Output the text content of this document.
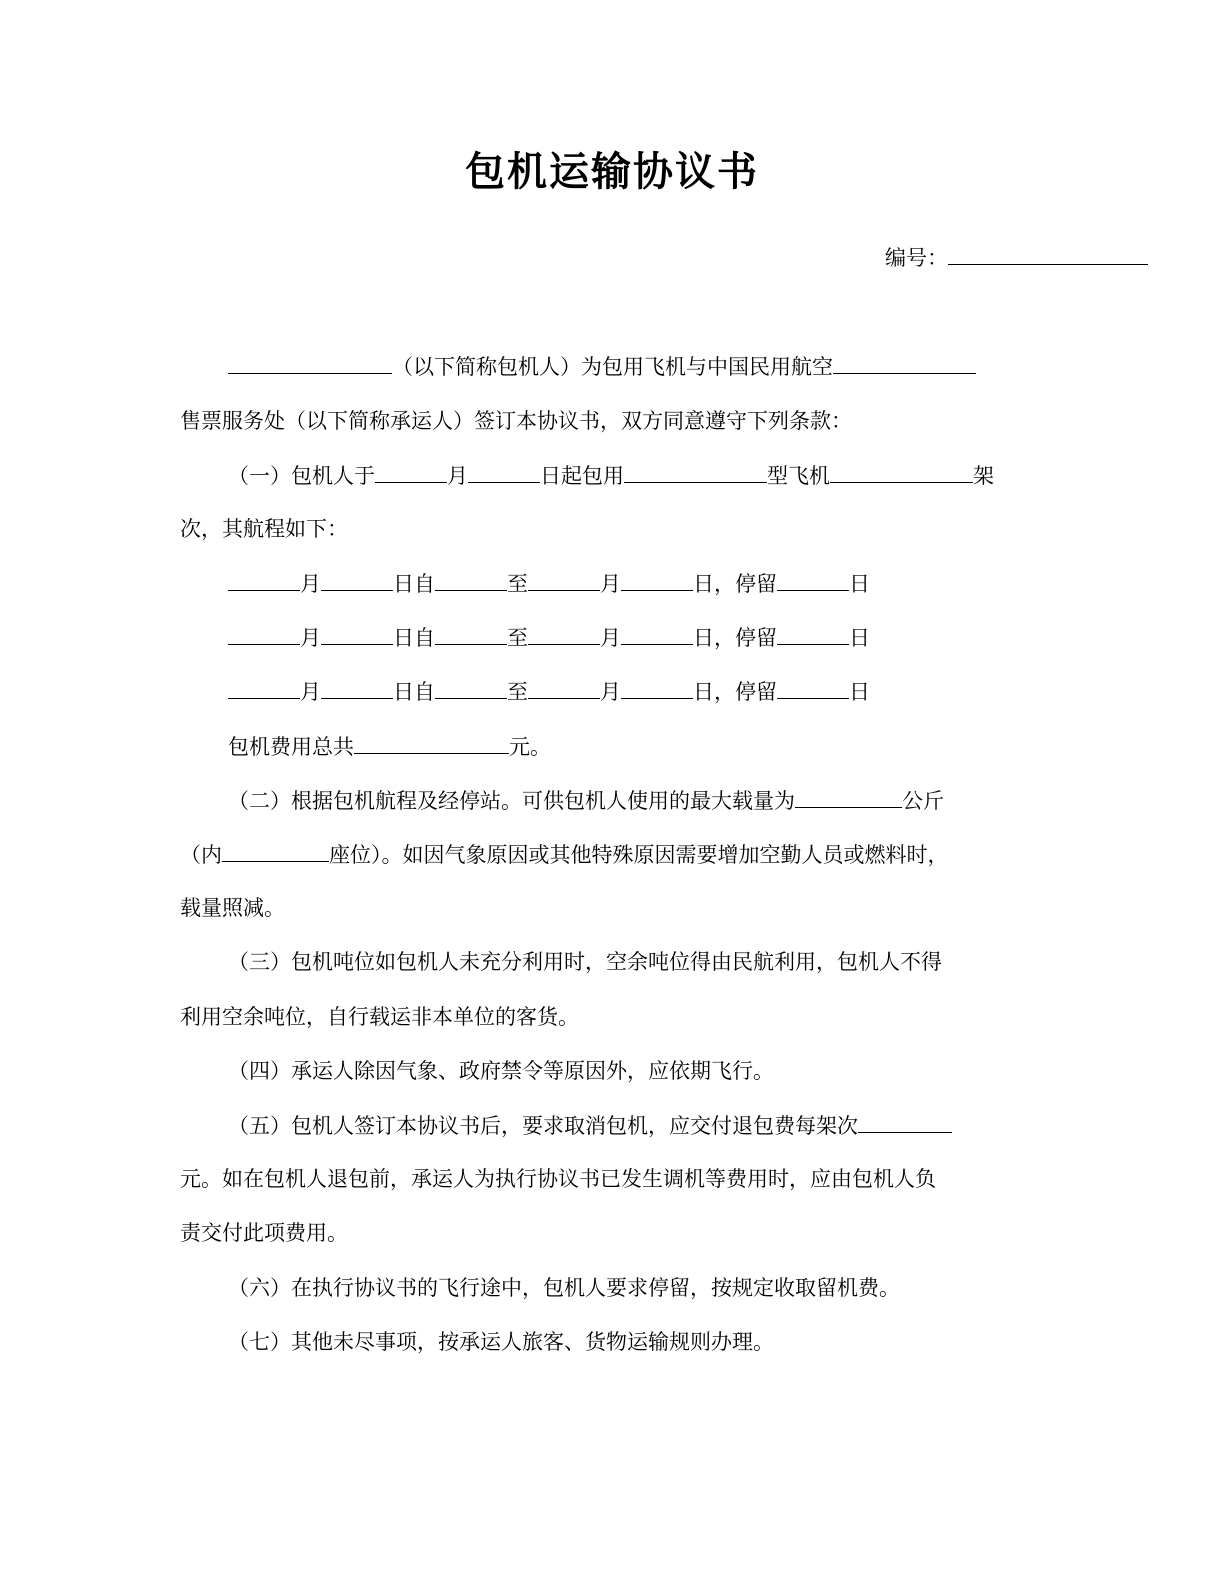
包机运输协议书
编号：
（以下简称包机人）为包用飞机与中国民用航空
售票服务处（以下简称承运人）签订本协议书，双方同意遵守下列条款：
（一）包机人于	月	日起包用	型飞机	架
次，其航程如下：
月	日自	至	月	日，停留	日
月	日自	至	月	日，停留	日
月	日自	至	月	日，停留	日
包机费用总共	元。
（二）根据包机航程及经停站。可供包机人使用的最大载量为	公斤
（内	座位）。如因气象原因或其他特殊原因需要增加空勤人员或燃料时，
载量照减。
（三）包机吨位如包机人未充分利用时，空余吨位得由民航利用，包机人不得
利用空余吨位，自行载运非本单位的客货。
（四）承运人除因气象、政府禁令等原因外，应依期飞行。
（五）包机人签订本协议书后，要求取消包机，应交付退包费每架次
元。如在包机人退包前，承运人为执行协议书已发生调机等费用时，应由包机人负
责交付此项费用。
（六）在执行协议书的飞行途中，包机人要求停留，按规定收取留机费。
（七）其他未尽事项，按承运人旅客、货物运输规则办理。
